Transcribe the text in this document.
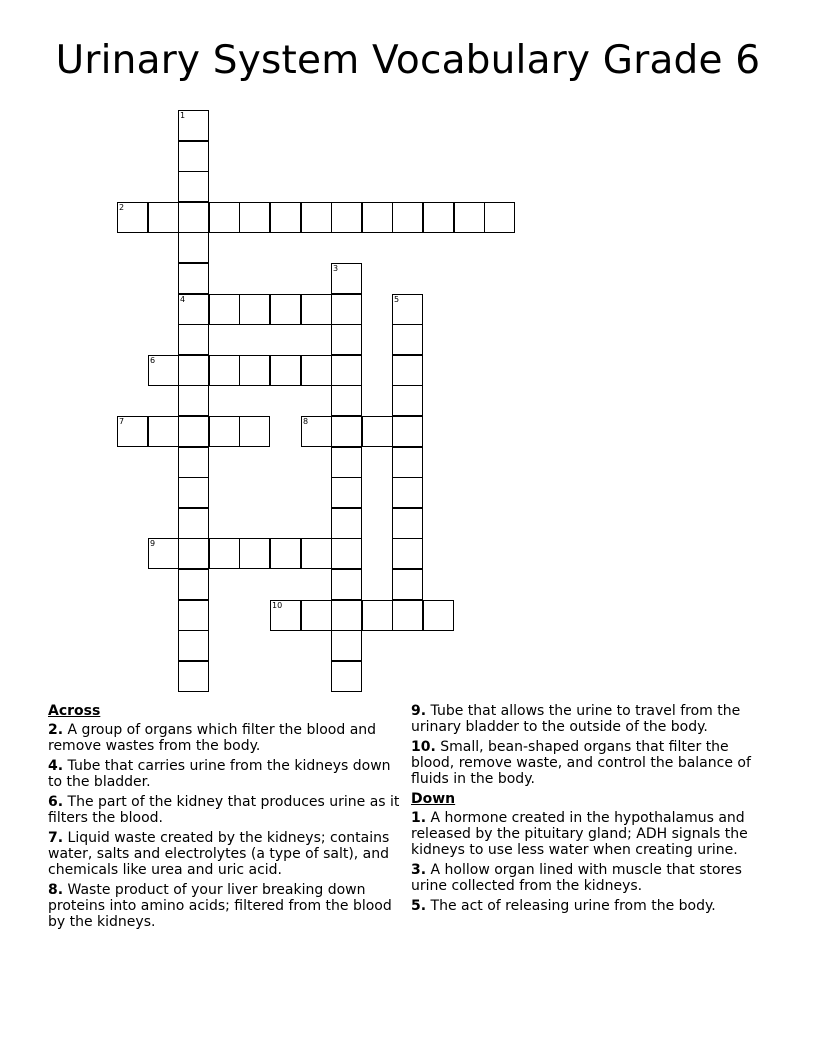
Urinary System Vocabulary Grade 6
2
4
6
7	8
9
10
1
3
5
Across
2. A group of organs which filter the blood and remove wastes from the body.
4. Tube that carries urine from the kidneys down to the bladder.
6. The part of the kidney that produces urine as it filters the blood.
7. Liquid waste created by the kidneys; contains water, salts and electrolytes (a type of salt), and chemicals like urea and uric acid.
8. Waste product of your liver breaking down proteins into amino acids; filtered from the blood by the kidneys.
9. Tube that allows the urine to travel from the urinary bladder to the outside of the body.
10. Small, bean-shaped organs that filter the blood, remove waste, and control the balance of fluids in the body.
Down
1. A hormone created in the hypothalamus and released by the pituitary gland; ADH signals the kidneys to use less water when creating urine.
3. A hollow organ lined with muscle that stores urine collected from the kidneys.
5. The act of releasing urine from the body.
